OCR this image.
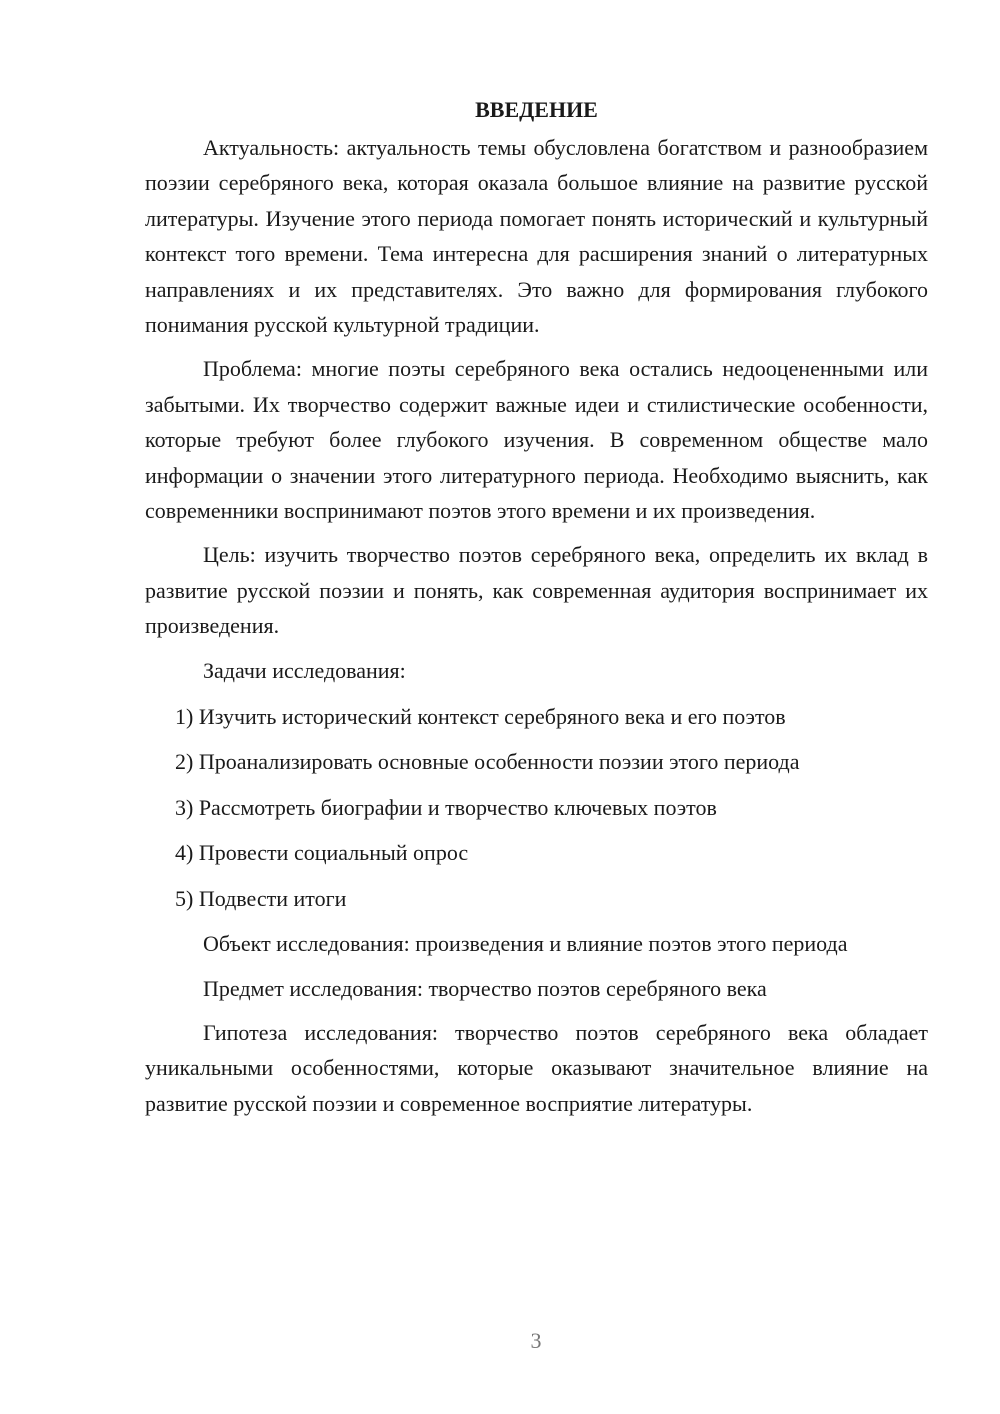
ВВЕДЕНИЕ

Актуальность: актуальность темы обусловлена богатством и разнообразием поэзии серебряного века, которая оказала большое влияние на развитие русской литературы. Изучение этого периода помогает понять исторический и культурный контекст того времени. Тема интересна для расширения знаний о литературных направлениях и их представителях. Это важно для формирования глубокого понимания русской культурной традиции.

Проблема: многие поэты серебряного века остались недооцененными или забытыми. Их творчество содержит важные идеи и стилистические особенности, которые требуют более глубокого изучения. В современном обществе мало информации о значении этого литературного периода. Необходимо выяснить, как современники воспринимают поэтов этого времени и их произведения.

Цель: изучить творчество поэтов серебряного века, определить их вклад в развитие русской поэзии и понять, как современная аудитория воспринимает их произведения.

Задачи исследования:

1) Изучить исторический контекст серебряного века и его поэтов
2) Проанализировать основные особенности поэзии этого периода
3) Рассмотреть биографии и творчество ключевых поэтов
4) Провести социальный опрос
5) Подвести итоги

Объект исследования: произведения и влияние поэтов этого периода

Предмет исследования: творчество поэтов серебряного века

Гипотеза исследования: творчество поэтов серебряного века обладает уникальными особенностями, которые оказывают значительное влияние на развитие русской поэзии и современное восприятие литературы.

3
